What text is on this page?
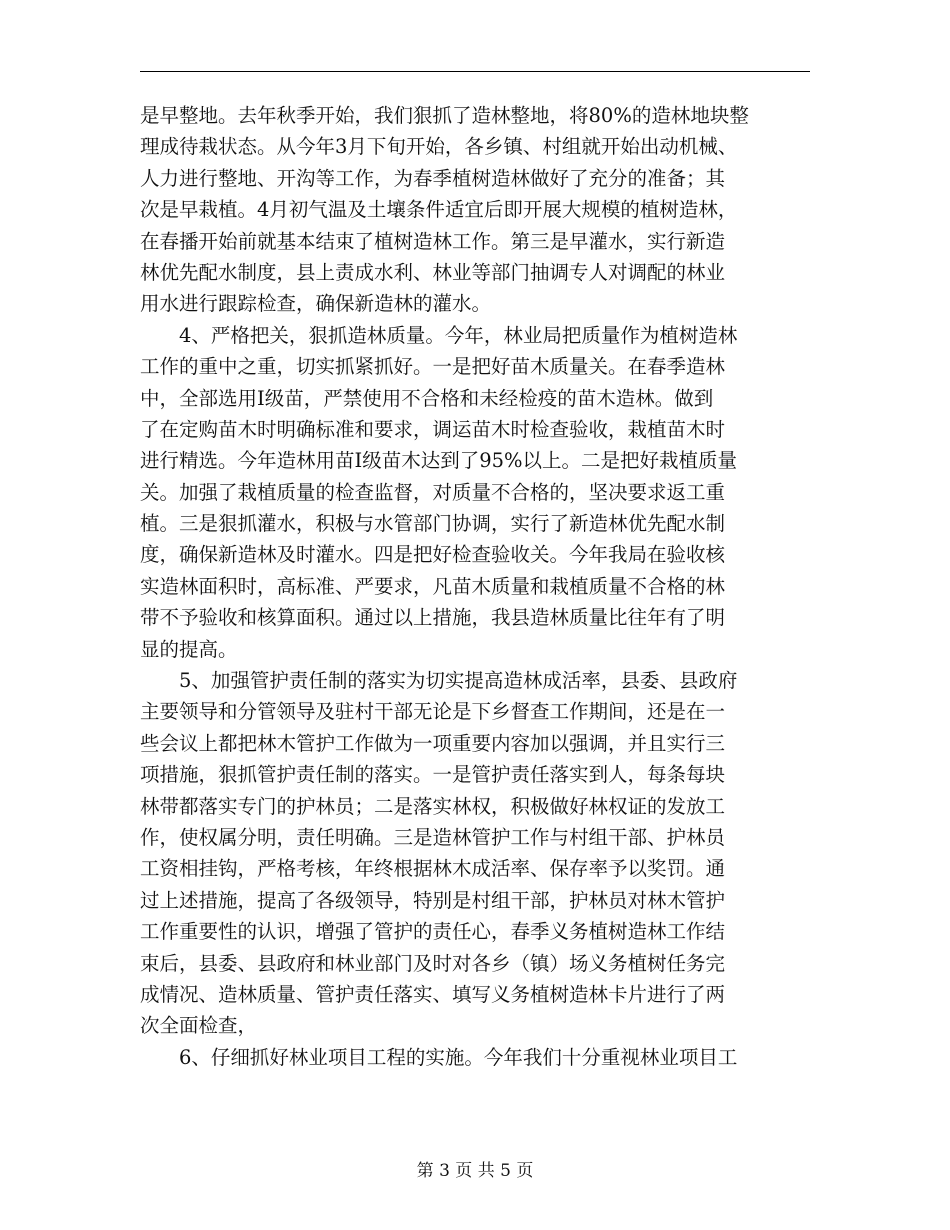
是早整地。去年秋季开始，我们狠抓了造林整地，将80%的造林地块整
理成待栽状态。从今年3月下旬开始，各乡镇、村组就开始出动机械、
人力进行整地、开沟等工作，为春季植树造林做好了充分的准备；其
次是早栽植。4月初气温及土壤条件适宜后即开展大规模的植树造林，
在春播开始前就基本结束了植树造林工作。第三是早灌水，实行新造
林优先配水制度，县上责成水利、林业等部门抽调专人对调配的林业
用水进行跟踪检查，确保新造林的灌水。
4、严格把关，狠抓造林质量。今年，林业局把质量作为植树造林
工作的重中之重，切实抓紧抓好。一是把好苗木质量关。在春季造林
中，全部选用Ⅰ级苗，严禁使用不合格和未经检疫的苗木造林。做到
了在定购苗木时明确标准和要求，调运苗木时检查验收，栽植苗木时
进行精选。今年造林用苗Ⅰ级苗木达到了95%以上。二是把好栽植质量
关。加强了栽植质量的检查监督，对质量不合格的，坚决要求返工重
植。三是狠抓灌水，积极与水管部门协调，实行了新造林优先配水制
度，确保新造林及时灌水。四是把好检查验收关。今年我局在验收核
实造林面积时，高标准、严要求，凡苗木质量和栽植质量不合格的林
带不予验收和核算面积。通过以上措施，我县造林质量比往年有了明
显的提高。
5、加强管护责任制的落实为切实提高造林成活率，县委、县政府
主要领导和分管领导及驻村干部无论是下乡督查工作期间，还是在一
些会议上都把林木管护工作做为一项重要内容加以强调，并且实行三
项措施，狠抓管护责任制的落实。一是管护责任落实到人，每条每块
林带都落实专门的护林员；二是落实林权，积极做好林权证的发放工
作，使权属分明，责任明确。三是造林管护工作与村组干部、护林员
工资相挂钩，严格考核，年终根据林木成活率、保存率予以奖罚。通
过上述措施，提高了各级领导，特别是村组干部，护林员对林木管护
工作重要性的认识，增强了管护的责任心，春季义务植树造林工作结
束后，县委、县政府和林业部门及时对各乡（镇）场义务植树任务完
成情况、造林质量、管护责任落实、填写义务植树造林卡片进行了两
次全面检查，
6、仔细抓好林业项目工程的实施。今年我们十分重视林业项目工
第 3 页 共 5 页
